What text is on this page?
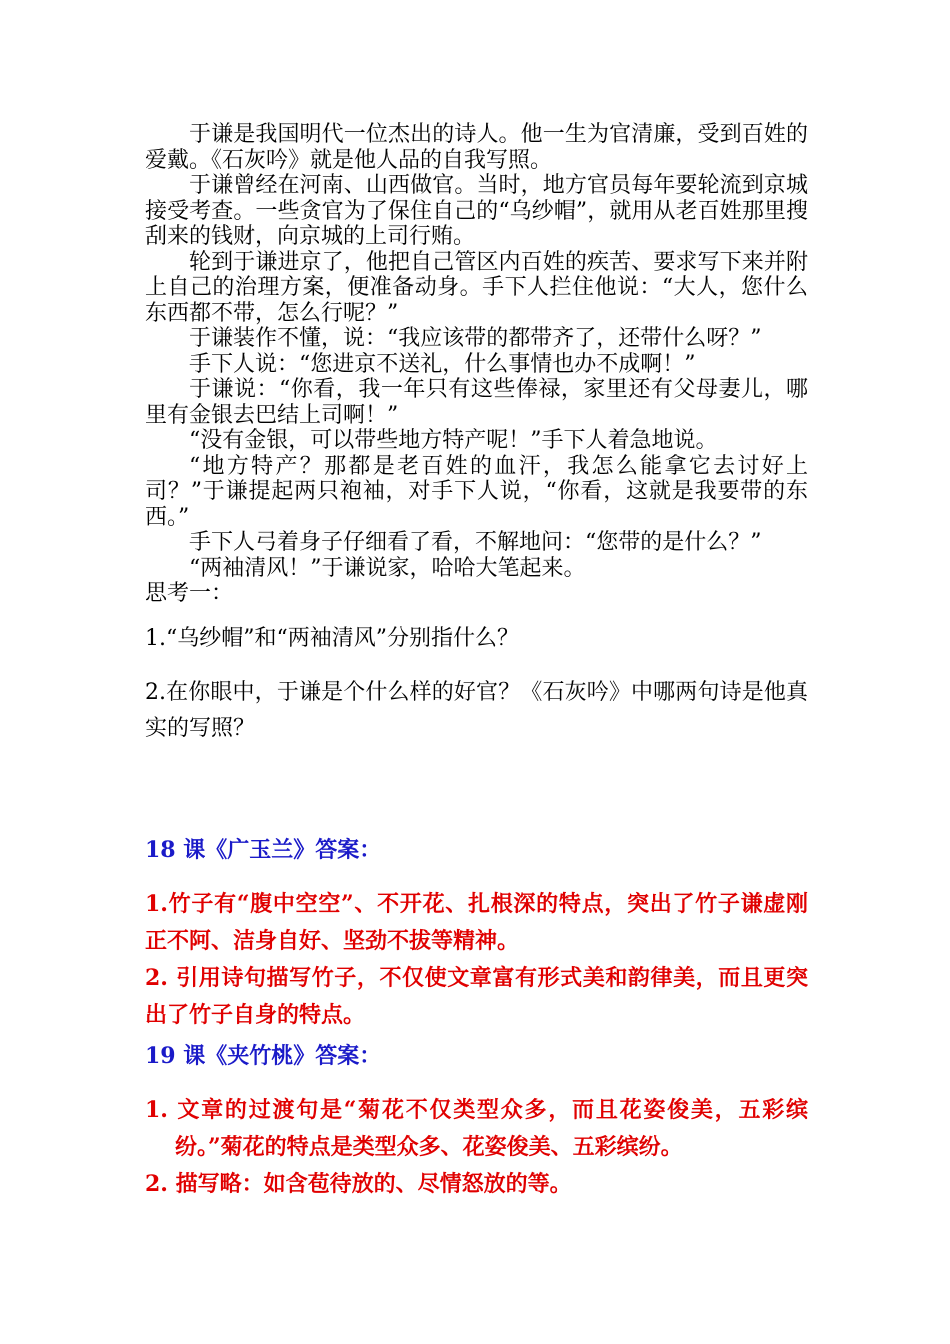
于谦是我国明代一位杰出的诗人。他一生为官清廉，受到百姓的爱戴。《石灰吟》就是他人品的自我写照。

于谦曾经在河南、山西做官。当时，地方官员每年要轮流到京城接受考查。一些贪官为了保住自己的“乌纱帽”，就用从老百姓那里搜刮来的钱财，向京城的上司行贿。

轮到于谦进京了，他把自己管区内百姓的疾苦、要求写下来并附上自己的治理方案，便准备动身。手下人拦住他说：“大人，您什么东西都不带，怎么行呢？”

于谦装作不懂，说：“我应该带的都带齐了，还带什么呀？”

手下人说：“您进京不送礼，什么事情也办不成啊！”

于谦说：“你看，我一年只有这些俸禄，家里还有父母妻儿，哪里有金银去巴结上司啊！”

“没有金银，可以带些地方特产呢！”手下人着急地说。

“地方特产？那都是老百姓的血汗，我怎么能拿它去讨好上司？”于谦提起两只袍袖，对手下人说，“你看，这就是我要带的东西。”

手下人弓着身子仔细看了看，不解地问：“您带的是什么？”

“两袖清风！”于谦说家，哈哈大笔起来。

思考一：

1.“乌纱帽”和“两袖清风”分别指什么？

2.在你眼中，于谦是个什么样的好官？《石灰吟》中哪两句诗是他真实的写照？

18 课《广玉兰》答案：

1.竹子有“腹中空空”、不开花、扎根深的特点，突出了竹子谦虚刚正不阿、洁身自好、坚劲不拔等精神。

2. 引用诗句描写竹子，不仅使文章富有形式美和韵律美，而且更突出了竹子自身的特点。

19 课《夹竹桃》答案：

1. 文章的过渡句是“菊花不仅类型众多，而且花姿俊美，五彩缤纷。”菊花的特点是类型众多、花姿俊美、五彩缤纷。

2. 描写略：如含苞待放的、尽情怒放的等。
